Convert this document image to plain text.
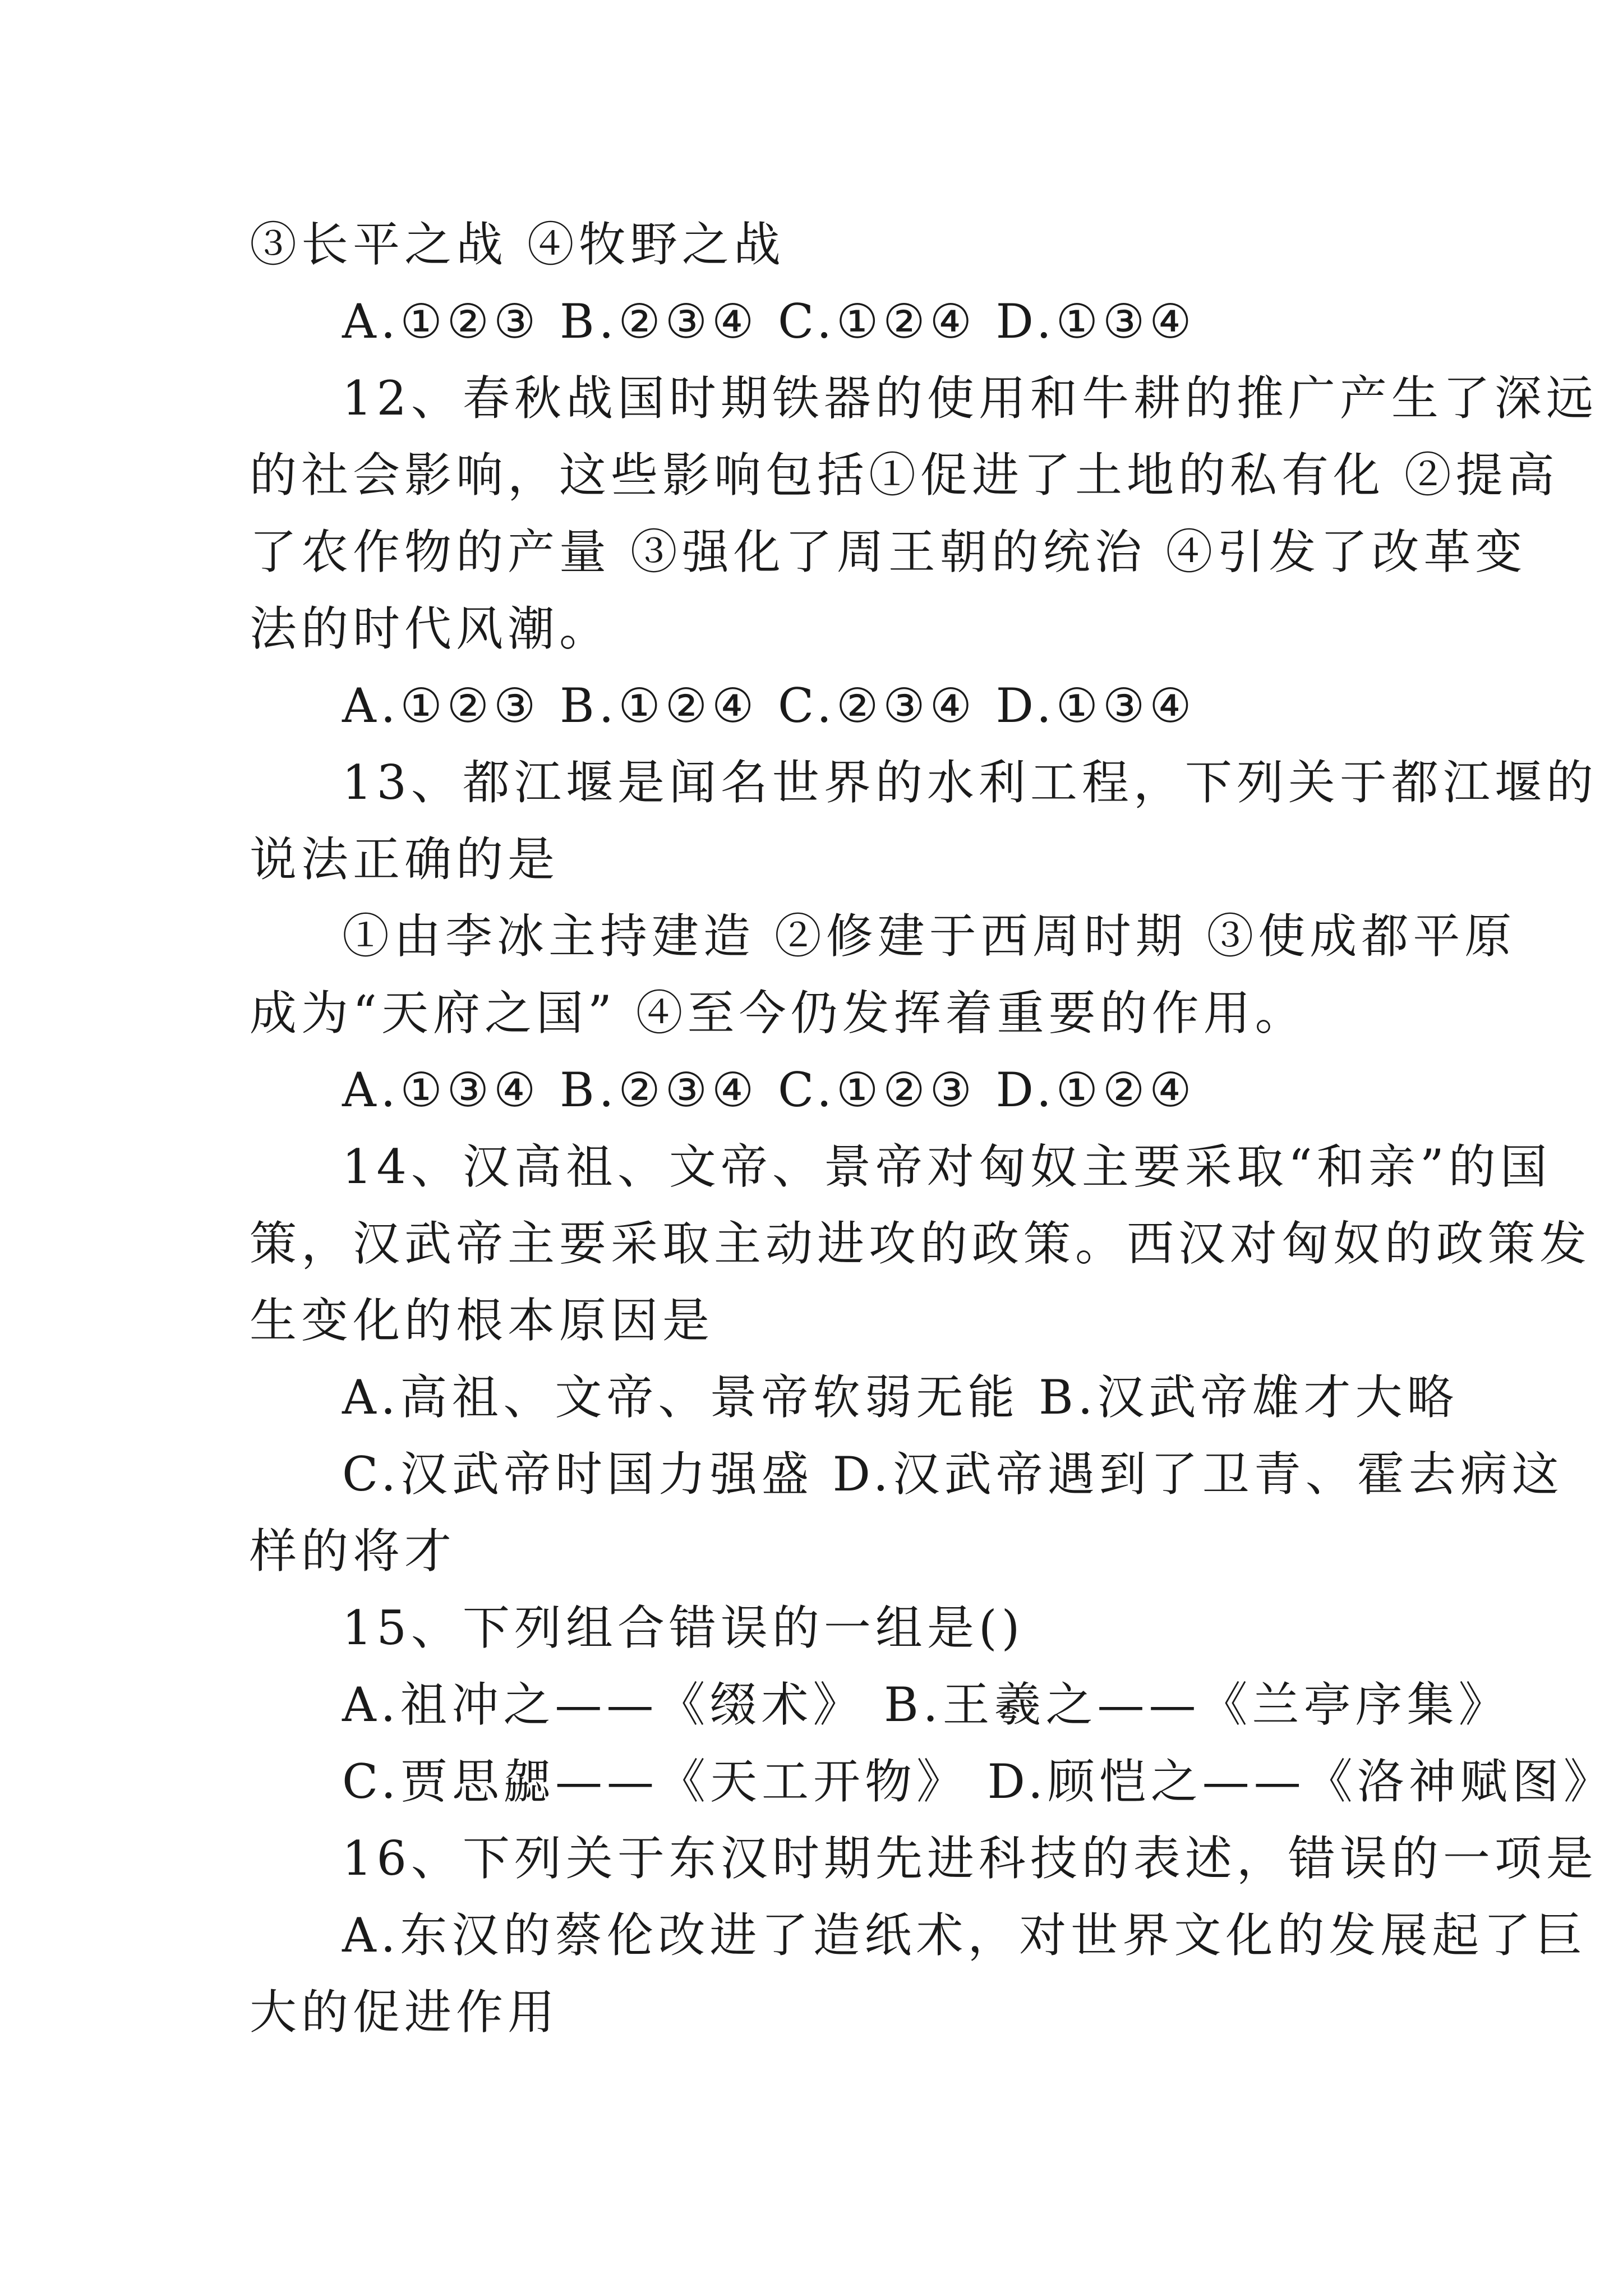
③长平之战 ④牧野之战
A.①②③ B.②③④ C.①②④ D.①③④
12、春秋战国时期铁器的使用和牛耕的推广产生了深远
的社会影响，这些影响包括①促进了土地的私有化 ②提高
了农作物的产量 ③强化了周王朝的统治 ④引发了改革变
法的时代风潮。
A.①②③ B.①②④ C.②③④ D.①③④
13、都江堰是闻名世界的水利工程，下列关于都江堰的
说法正确的是
①由李冰主持建造 ②修建于西周时期 ③使成都平原
成为“天府之国” ④至今仍发挥着重要的作用。
A.①③④ B.②③④ C.①②③ D.①②④
14、汉高祖、文帝、景帝对匈奴主要采取“和亲”的国
策，汉武帝主要采取主动进攻的政策。西汉对匈奴的政策发
生变化的根本原因是
A.高祖、文帝、景帝软弱无能 B.汉武帝雄才大略
C.汉武帝时国力强盛 D.汉武帝遇到了卫青、霍去病这
样的将才
15、下列组合错误的一组是()
A.祖冲之——《缀术》 B.王羲之——《兰亭序集》
C.贾思勰——《天工开物》 D.顾恺之——《洛神赋图》
16、下列关于东汉时期先进科技的表述，错误的一项是
A.东汉的蔡伦改进了造纸术，对世界文化的发展起了巨
大的促进作用
